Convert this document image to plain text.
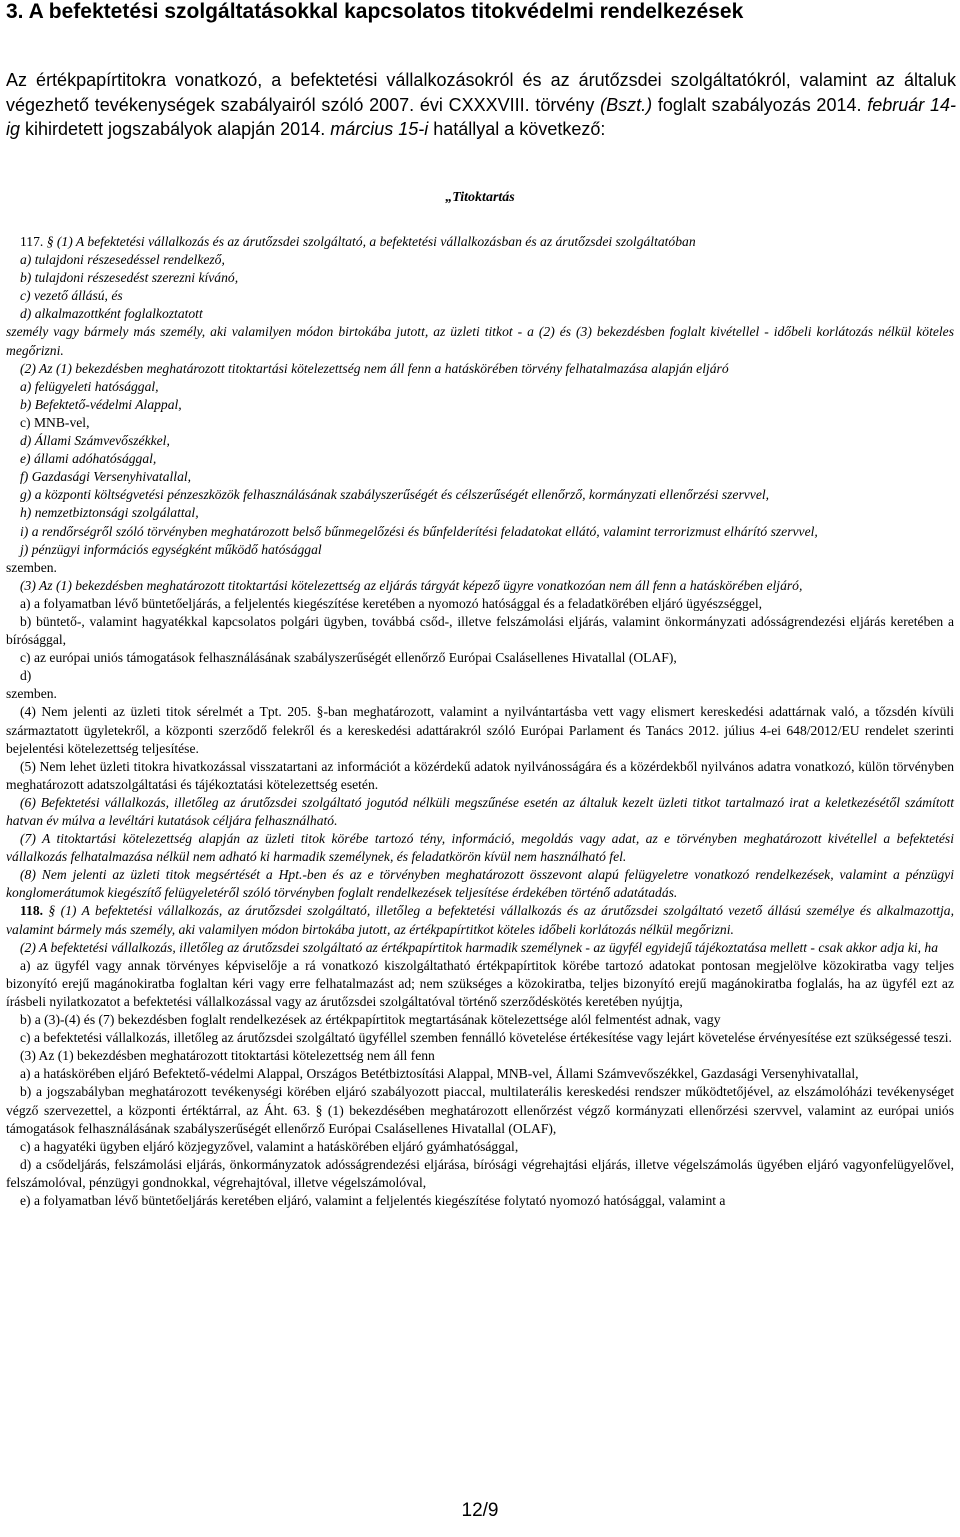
3. A befektetési szolgáltatásokkal kapcsolatos titokvédelmi rendelkezések

Az értékpapírtitokra vonatkozó, a befektetési vállalkozásokról és az árutőzsdei szolgáltatókról, valamint az általuk végezhető tevékenységek szabályairól szóló 2007. évi CXXXVIII. törvény (Bszt.) foglalt szabályozás 2014. február 14-ig kihirdetett jogszabályok alapján 2014. március 15-i hatállyal a következő:

„Titoktartás

117. § (1) A befektetési vállalkozás és az árutőzsdei szolgáltató, a befektetési vállalkozásban és az árutőzsdei szolgáltatóban

a) tulajdoni részesedéssel rendelkező,

b) tulajdoni részesedést szerezni kívánó,

c) vezető állású, és

d) alkalmazottként foglalkoztatott

személy vagy bármely más személy, aki valamilyen módon birtokába jutott, az üzleti titkot - a (2) és (3) bekezdésben foglalt kivétellel - időbeli korlátozás nélkül köteles megőrizni.

(2) Az (1) bekezdésben meghatározott titoktartási kötelezettség nem áll fenn a hatáskörében törvény felhatalmazása alapján eljáró

a) felügyeleti hatósággal,

b) Befektető-védelmi Alappal,

c) MNB-vel,

d) Állami Számvevőszékkel,

e) állami adóhatósággal,

f) Gazdasági Versenyhivatallal,

g) a központi költségvetési pénzeszközök felhasználásának szabályszerűségét és célszerűségét ellenőrző, kormányzati ellenőrzési szervvel,

h) nemzetbiztonsági szolgálattal,

i) a rendőrségről szóló törvényben meghatározott belső bűnmegelőzési és bűnfelderítési feladatokat ellátó, valamint terrorizmust elhárító szervvel,

j) pénzügyi információs egységként működő hatósággal

szemben.

(3) Az (1) bekezdésben meghatározott titoktartási kötelezettség az eljárás tárgyát képező ügyre vonatkozóan nem áll fenn a hatáskörében eljáró,

a) a folyamatban lévő büntetőeljárás, a feljelentés kiegészítése keretében a nyomozó hatósággal és a feladatkörében eljáró ügyészséggel,

b) büntető-, valamint hagyatékkal kapcsolatos polgári ügyben, továbbá csőd-, illetve felszámolási eljárás, valamint önkormányzati adósságrendezési eljárás keretében a bírósággal,

c) az európai uniós támogatások felhasználásának szabályszerűségét ellenőrző Európai Csalásellenes Hivatallal (OLAF),

d)

szemben.

(4) Nem jelenti az üzleti titok sérelmét a Tpt. 205. §-ban meghatározott, valamint a nyilvántartásba vett vagy elismert kereskedési adattárnak való, a tőzsdén kívüli származtatott ügyletekről, a központi szerződő felekről és a kereskedési adattárakról szóló Európai Parlament és Tanács 2012. július 4-ei 648/2012/EU rendelet szerinti bejelentési kötelezettség teljesítése.

(5) Nem lehet üzleti titokra hivatkozással visszatartani az információt a közérdekű adatok nyilvánosságára és a közérdekből nyilvános adatra vonatkozó, külön törvényben meghatározott adatszolgáltatási és tájékoztatási kötelezettség esetén.

(6) Befektetési vállalkozás, illetőleg az árutőzsdei szolgáltató jogutód nélküli megszűnése esetén az általuk kezelt üzleti titkot tartalmazó irat a keletkezésétől számított hatvan év múlva a levéltári kutatások céljára felhasználható.

(7) A titoktartási kötelezettség alapján az üzleti titok körébe tartozó tény, információ, megoldás vagy adat, az e törvényben meghatározott kivétellel a befektetési vállalkozás felhatalmazása nélkül nem adható ki harmadik személynek, és feladatkörön kívül nem használható fel.

(8) Nem jelenti az üzleti titok megsértését a Hpt.-ben és az e törvényben meghatározott összevont alapú felügyeletre vonatkozó rendelkezések, valamint a pénzügyi konglomerátumok kiegészítő felügyeletéről szóló törvényben foglalt rendelkezések teljesítése érdekében történő adatátadás.

118. § (1) A befektetési vállalkozás, az árutőzsdei szolgáltató, illetőleg a befektetési vállalkozás és az árutőzsdei szolgáltató vezető állású személye és alkalmazottja, valamint bármely más személy, aki valamilyen módon birtokába jutott, az értékpapírtitkot köteles időbeli korlátozás nélkül megőrizni.

(2) A befektetési vállalkozás, illetőleg az árutőzsdei szolgáltató az értékpapírtitok harmadik személynek - az ügyfél egyidejű tájékoztatása mellett - csak akkor adja ki, ha

a) az ügyfél vagy annak törvényes képviselője a rá vonatkozó kiszolgáltatható értékpapírtitok körébe tartozó adatokat pontosan megjelölve közokiratba vagy teljes bizonyító erejű magánokiratba foglaltan kéri vagy erre felhatalmazást ad; nem szükséges a közokiratba, teljes bizonyító erejű magánokiratba foglalás, ha az ügyfél ezt az írásbeli nyilatkozatot a befektetési vállalkozással vagy az árutőzsdei szolgáltatóval történő szerződéskötés keretében nyújtja,

b) a (3)-(4) és (7) bekezdésben foglalt rendelkezések az értékpapírtitok megtartásának kötelezettsége alól felmentést adnak, vagy

c) a befektetési vállalkozás, illetőleg az árutőzsdei szolgáltató ügyféllel szemben fennálló követelése értékesítése vagy lejárt követelése érvényesítése ezt szükségessé teszi.

(3) Az (1) bekezdésben meghatározott titoktartási kötelezettség nem áll fenn

a) a hatáskörében eljáró Befektető-védelmi Alappal, Országos Betétbiztosítási Alappal, MNB-vel, Állami Számvevőszékkel, Gazdasági Versenyhivatallal,

b) a jogszabályban meghatározott tevékenységi körében eljáró szabályozott piaccal, multilaterális kereskedési rendszer működtetőjével, az elszámolóházi tevékenységet végző szervezettel, a központi értéktárral, az Áht. 63. § (1) bekezdésében meghatározott ellenőrzést végző kormányzati ellenőrzési szervvel, valamint az európai uniós támogatások felhasználásának szabályszerűségét ellenőrző Európai Csalásellenes Hivatallal (OLAF),

c) a hagyatéki ügyben eljáró közjegyzővel, valamint a hatáskörében eljáró gyámhatósággal,

d) a csődeljárás, felszámolási eljárás, önkormányzatok adósságrendezési eljárása, bírósági végrehajtási eljárás, illetve végelszámolás ügyében eljáró vagyonfelügyelővel, felszámolóval, pénzügyi gondnokkal, végrehajtóval, illetve végelszámolóval,

e) a folyamatban lévő büntetőeljárás keretében eljáró, valamint a feljelentés kiegészítése folytató nyomozó hatósággal, valamint a

12/9
